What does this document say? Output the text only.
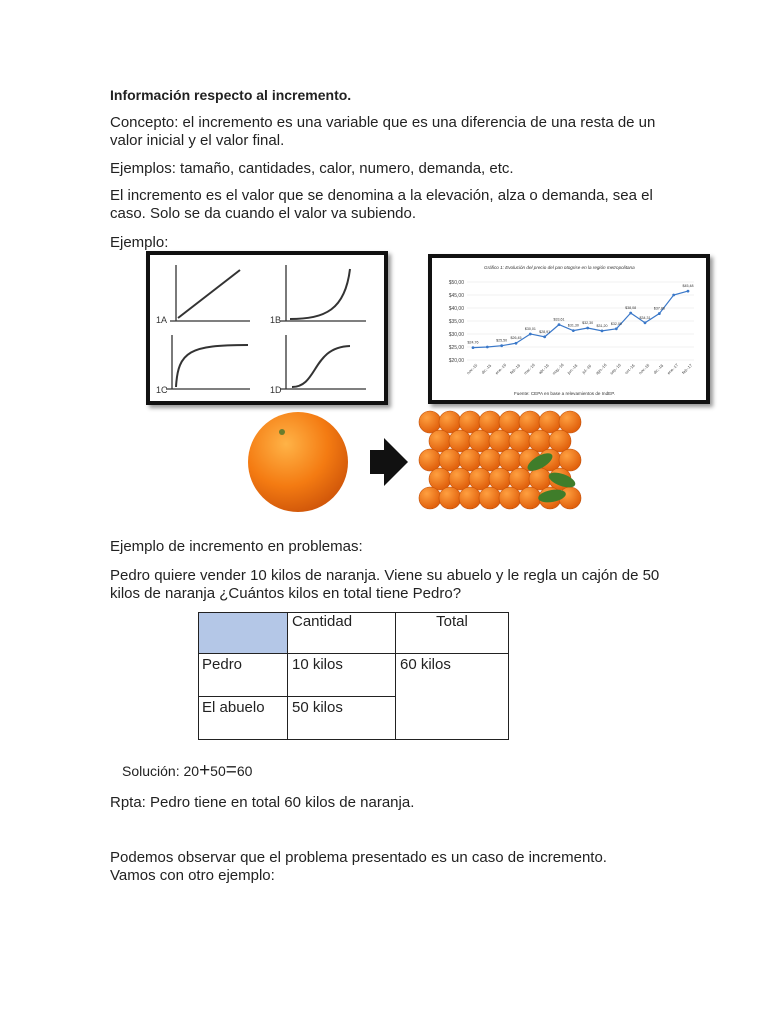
Información respecto al incremento.

Concepto: el incremento es una variable que es una diferencia de una resta de un valor inicial y el valor final.

Ejemplos: tamaño, cantidades, calor, numero, demanda, etc.

El incremento es el valor que se denomina a la elevación, alza o demanda, sea el caso. Solo se da cuando el valor va subiendo.

Ejemplo:

1A	1B
1C	1D
Gráfico 1: Evolución del precio del pan otogrise en la región metropolitana
$50,00
$45,00
$40,00
$35,00
$30,00
$25,00
$20,00
nov.-15 dic.-15 ene.-16 feb.-16 mar.-16 abr.-16 may.-16 jun.-16 jul.-16 ago.-16 sep.-16 oct.-16 nov.-16 dic.-16 ene.-17 feb.-17
$24,76	$25,50
$26,45
$30,01
$28,91
$33,61
$31,30
$32,30
$31,20
$32,00
$38,08
$34,31
$37,86
$45,48
Fuente: CEPA en base a relevamientos de IndEP.

Ejemplo de incremento en problemas:

Pedro quiere vender 10 kilos de naranja. Viene su abuelo y le regla un cajón de 50 kilos de naranja ¿Cuántos kilos en total tiene Pedro?

	Cantidad	Total
Pedro	10 kilos	60 kilos
El abuelo	50 kilos	

Solución: 20+50=60

Rpta: Pedro tiene en total 60 kilos de naranja.

Podemos observar que el problema presentado es un caso de incremento. Vamos con otro ejemplo:
